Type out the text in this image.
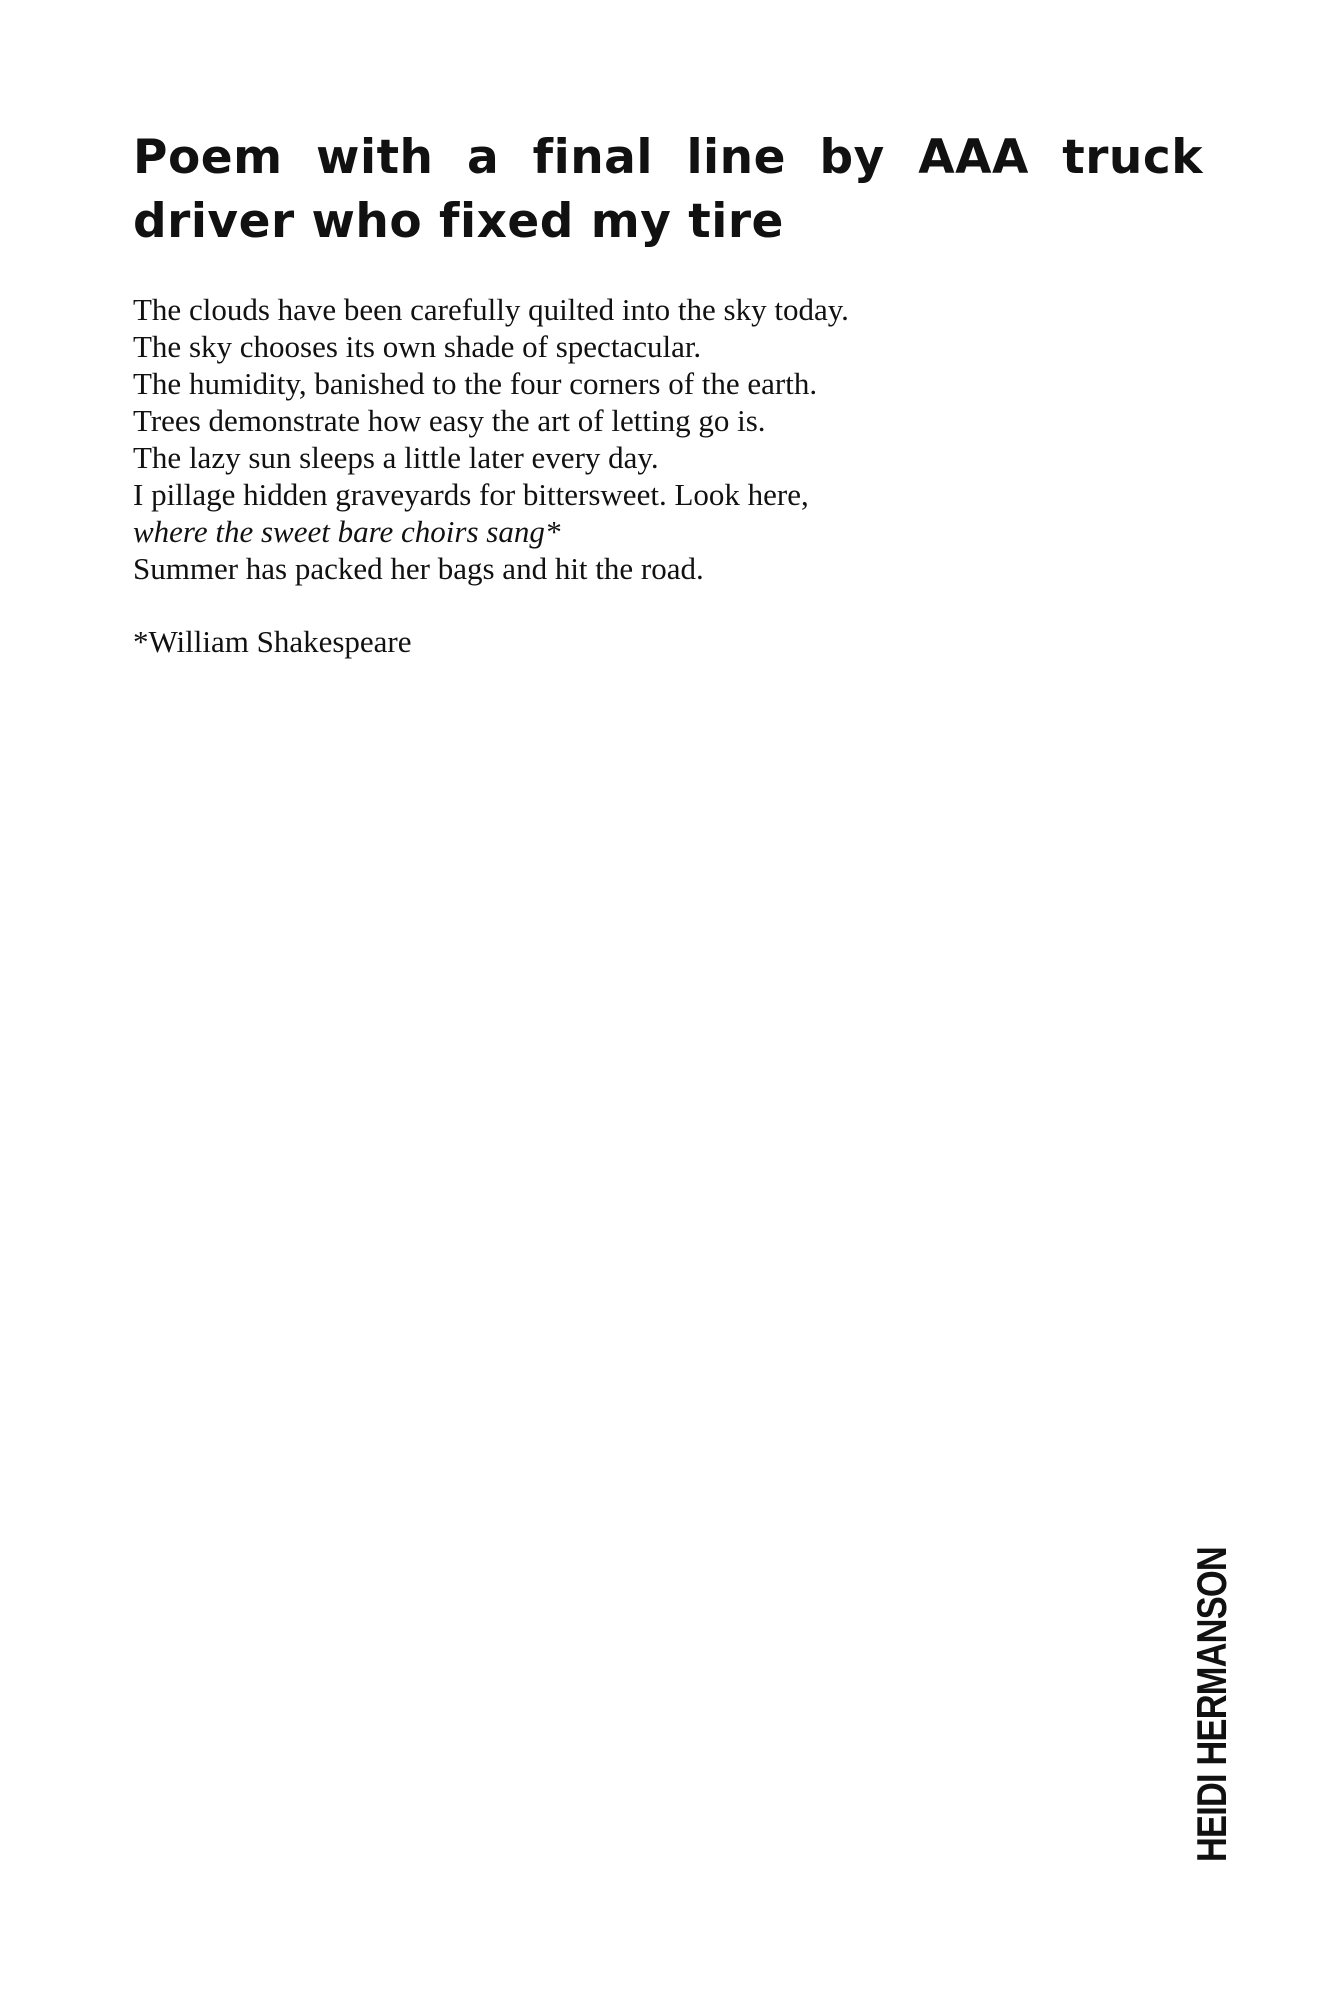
Poem with a final line by AAA truck driver who fixed my tire
The clouds have been carefully quilted into the sky today.
The sky chooses its own shade of spectacular.
The humidity, banished to the four corners of the earth.
Trees demonstrate how easy the art of letting go is.
The lazy sun sleeps a little later every day.
I pillage hidden graveyards for bittersweet. Look here,
where the sweet bare choirs sang*
Summer has packed her bags and hit the road.
*William Shakespeare
HEIDI HERMANSON
